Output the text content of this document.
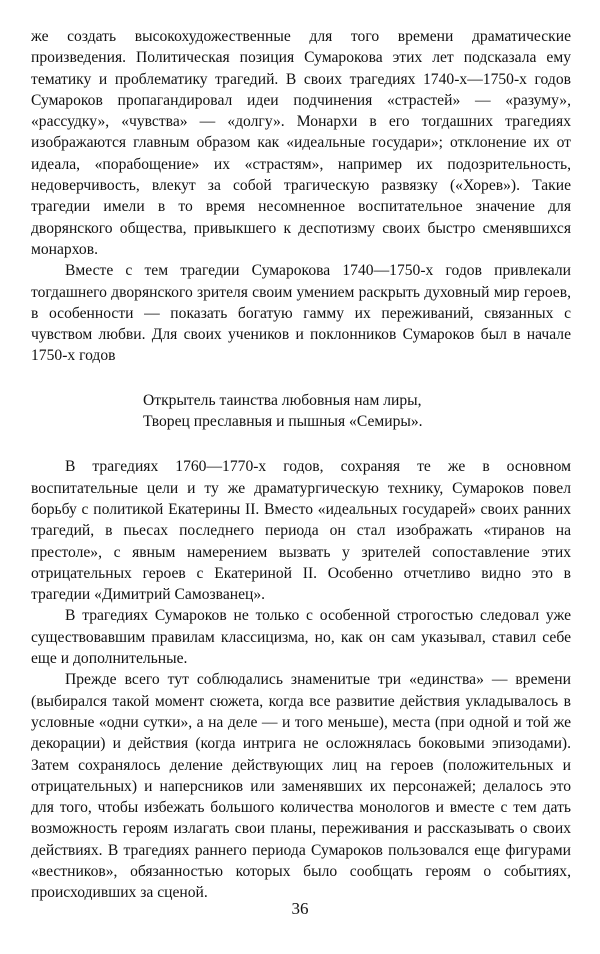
же создать высокохудожественные для того времени драматические произведения. Политическая позиция Сумарокова этих лет подсказала ему тематику и проблематику трагедий. В своих трагедиях 1740-х—1750-х годов Сумароков пропагандировал идеи подчинения «страстей» — «разуму», «рассудку», «чувства» — «долгу». Монархи в его тогдашних трагедиях изображаются главным образом как «идеальные государи»; отклонение их от идеала, «порабощение» их «страстям», например их подозрительность, недоверчивость, влекут за собой трагическую развязку («Хорев»). Такие трагедии имели в то время несомненное воспитательное значение для дворянского общества, привыкшего к деспотизму своих быстро сменявшихся монархов.

Вместе с тем трагедии Сумарокова 1740—1750-х годов привлекали тогдашнего дворянского зрителя своим умением раскрыть духовный мир героев, в особенности — показать богатую гамму их переживаний, связанных с чувством любви. Для своих учеников и поклонников Сумароков был в начале 1750-х годов

Открытель таинства любовныя нам лиры,
Творец преславныя и пышныя «Семиры».

В трагедиях 1760—1770-х годов, сохраняя те же в основном воспитательные цели и ту же драматургическую технику, Сумароков повел борьбу с политикой Екатерины II. Вместо «идеальных государей» своих ранних трагедий, в пьесах последнего периода он стал изображать «тиранов на престоле», с явным намерением вызвать у зрителей сопоставление этих отрицательных героев с Екатериной II. Особенно отчетливо видно это в трагедии «Димитрий Самозванец».

В трагедиях Сумароков не только с особенной строгостью следовал уже существовавшим правилам классицизма, но, как он сам указывал, ставил себе еще и дополнительные.

Прежде всего тут соблюдались знаменитые три «единства» — времени (выбирался такой момент сюжета, когда все развитие действия укладывалось в условные «одни сутки», а на деле — и того меньше), места (при одной и той же декорации) и действия (когда интрига не осложнялась боковыми эпизодами). Затем сохранялось деление действующих лиц на героев (положительных и отрицательных) и наперсников или заменявших их персонажей; делалось это для того, чтобы избежать большого количества монологов и вместе с тем дать возможность героям излагать свои планы, переживания и рассказывать о своих действиях. В трагедиях раннего периода Сумароков пользовался еще фигурами «вестников», обязанностью которых было сообщать героям о событиях, происходивших за сценой.

36
